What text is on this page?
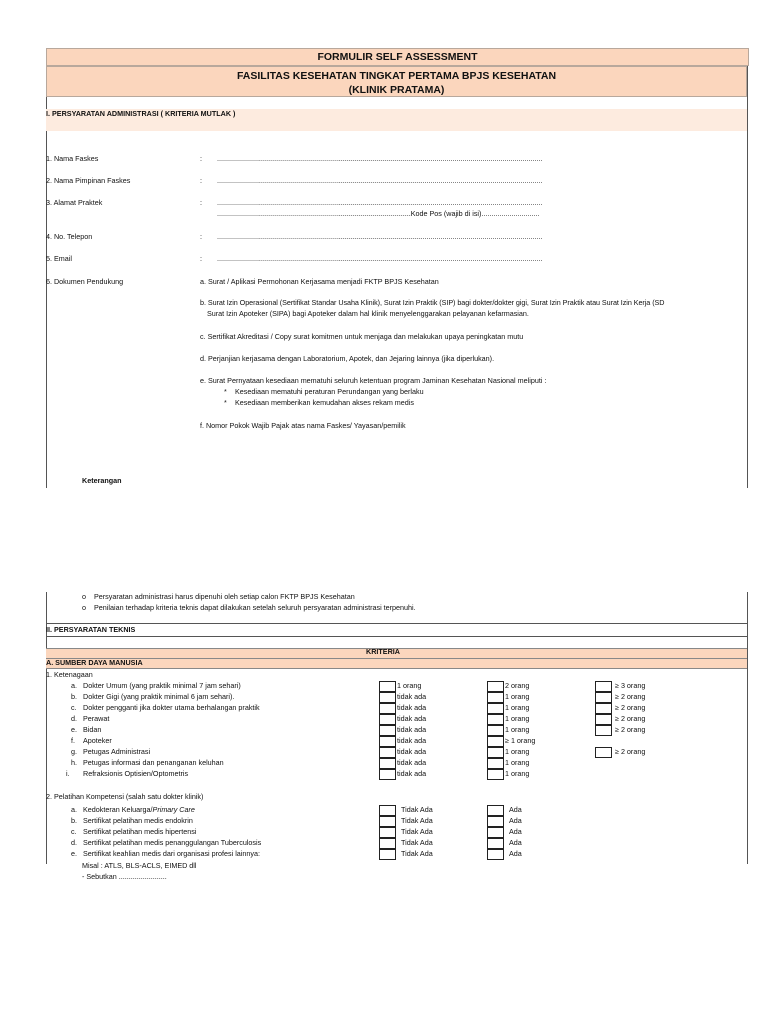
FORMULIR SELF ASSESSMENT
FASILITAS KESEHATAN TINGKAT PERTAMA BPJS KESEHATAN
(KLINIK PRATAMA)
I. PERSYARATAN ADMINISTRASI ( KRITERIA MUTLAK )
1. Nama Faskes	: ...................................................................................................................................................................
2. Nama Pimpinan Faskes	: ...................................................................................................................................................................
3. Alamat Praktek	: ...................................................................................................................................................................
.................................................................................................Kode Pos (wajib di isi).............................
4. No. Telepon	: ...................................................................................................................................................................
5. Email	: ...................................................................................................................................................................
6. Dokumen Pendukung	a. Surat / Aplikasi Permohonan Kerjasama menjadi FKTP BPJS Kesehatan
b. Surat Izin Operasional (Sertifikat Standar Usaha Klinik), Surat Izin Praktik (SIP) bagi dokter/dokter gigi, Surat Izin Praktik atau Surat Izin Kerja (SD
Surat Izin Apoteker (SIPA) bagi Apoteker dalam hal klinik menyelenggarakan pelayanan kefarmasian.
c. Sertifikat Akreditasi / Copy surat komitmen untuk menjaga dan melakukan upaya peningkatan mutu
d. Perjanjian kerjasama dengan Laboratorium, Apotek, dan Jejaring lainnya (jika diperlukan).
e. Surat Pernyataan kesediaan mematuhi seluruh ketentuan program Jaminan Kesehatan Nasional meliputi :
* Kesediaan mematuhi peraturan Perundangan yang berlaku
* Kesediaan memberikan kemudahan akses rekam medis
f. Nomor Pokok Wajib Pajak atas nama Faskes/ Yayasan/pemilik
Keterangan
o Persyaratan administrasi harus dipenuhi oleh setiap calon FKTP BPJS Kesehatan
o Penilaian terhadap kriteria teknis dapat dilakukan setelah seluruh persyaratan administrasi terpenuhi.
II. PERSYARATAN TEKNIS
KRITERIA
A. SUMBER DAYA MANUSIA
1. Ketenagaan
a. Dokter Umum (yang praktik minimal 7 jam sehari)	1 orang	2 orang	≥ 3 orang
b. Dokter Gigi (yang praktik minimal 6 jam sehari).	tidak ada	1 orang	≥ 2 orang
c. Dokter pengganti jika dokter utama berhalangan praktik	tidak ada	1 orang	≥ 2 orang
d. Perawat	tidak ada	1 orang	≥ 2 orang
e. Bidan	tidak ada	1 orang	≥ 2 orang
f. Apoteker	tidak ada	≥ 1 orang
g. Petugas Administrasi	tidak ada	1 orang	≥ 2 orang
h. Petugas informasi dan penanganan keluhan	tidak ada	1 orang
i. Refraksionis Optisien/Optometris	tidak ada	1 orang
2. Pelatihan Kompetensi (salah satu dokter klinik)
a. Kedokteran Keluarga/Primary Care	Tidak Ada	Ada
b. Sertifikat pelatihan medis endokrin	Tidak Ada	Ada
c. Sertifikat pelatihan medis hipertensi	Tidak Ada	Ada
d. Sertifikat pelatihan medis penanggulangan Tuberculosis	Tidak Ada	Ada
e. Sertifikat keahlian medis dari organisasi profesi lainnya:	Tidak Ada	Ada
Misal : ATLS, BLS-ACLS, EIMED dll
- Sebutkan ........................
